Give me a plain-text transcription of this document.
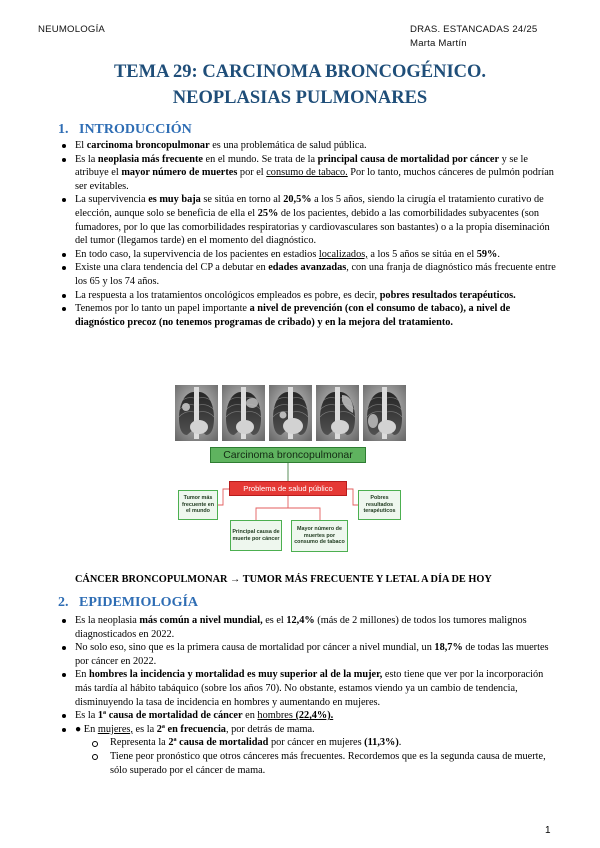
NEUMOLOGÍA	DRAS. ESTANCADAS 24/25
Marta Martín
TEMA 29: CARCINOMA BRONCOGÉNICO.
NEOPLASIAS PULMONARES
1. INTRODUCCIÓN
El carcinoma broncopulmonar es una problemática de salud pública.
Es la neoplasia más frecuente en el mundo. Se trata de la principal causa de mortalidad por cáncer y se le atribuye el mayor número de muertes por el consumo de tabaco. Por lo tanto, muchos cánceres de pulmón podrían ser evitables.
La supervivencia es muy baja se sitúa en torno al 20,5% a los 5 años, siendo la cirugía el tratamiento curativo de elección, aunque solo se beneficia de ella el 25% de los pacientes, debido a las comorbilidades subyacentes (son fumadores, por lo que las comorbilidades respiratorias y cardiovasculares son bastantes) o a la propia diseminación del tumor (llegamos tarde) en el momento del diagnóstico.
En todo caso, la supervivencia de los pacientes en estadios localizados, a los 5 años se sitúa en el 59%.
Existe una clara tendencia del CP a debutar en edades avanzadas, con una franja de diagnóstico más frecuente entre los 65 y los 74 años.
La respuesta a los tratamientos oncológicos empleados es pobre, es decir, pobres resultados terapéuticos.
Tenemos por lo tanto un papel importante a nivel de prevención (con el consumo de tabaco), a nivel de diagnóstico precoz (no tenemos programas de cribado) y en la mejora del tratamiento.
Carcinoma broncopulmonar
Problema de salud público
Tumor más frecuente en el mundo
Pobres resultados terapéuticos
Principal causa de muerte por cáncer
Mayor número de muertes por consumo de tabaco

CÁNCER BRONCOPULMONAR → TUMOR MÁS FRECUENTE Y LETAL A DÍA DE HOY

2. EPIDEMIOLOGÍA
Es la neoplasia más común a nivel mundial, es el 12,4% (más de 2 millones) de todos los tumores malignos diagnosticados en 2022.
No solo eso, sino que es la primera causa de mortalidad por cáncer a nivel mundial, un 18,7% de todas las muertes por cáncer en 2022.
En hombres la incidencia y mortalidad es muy superior al de la mujer, esto tiene que ver por la incorporación más tardía al hábito tabáquico (sobre los años 70). No obstante, estamos viendo ya un cambio de tendencia, disminuyendo la tasa de incidencia en hombres y aumentando en mujeres.
Es la 1ª causa de mortalidad de cáncer en hombres (22,4%).
● En mujeres, es la 2ª en frecuencia, por detrás de mama.
Representa la 2ª causa de mortalidad por cáncer en mujeres (11,3%).
Tiene peor pronóstico que otros cánceres más frecuentes. Recordemos que es la segunda causa de muerte, sólo superado por el cáncer de mama.
1
